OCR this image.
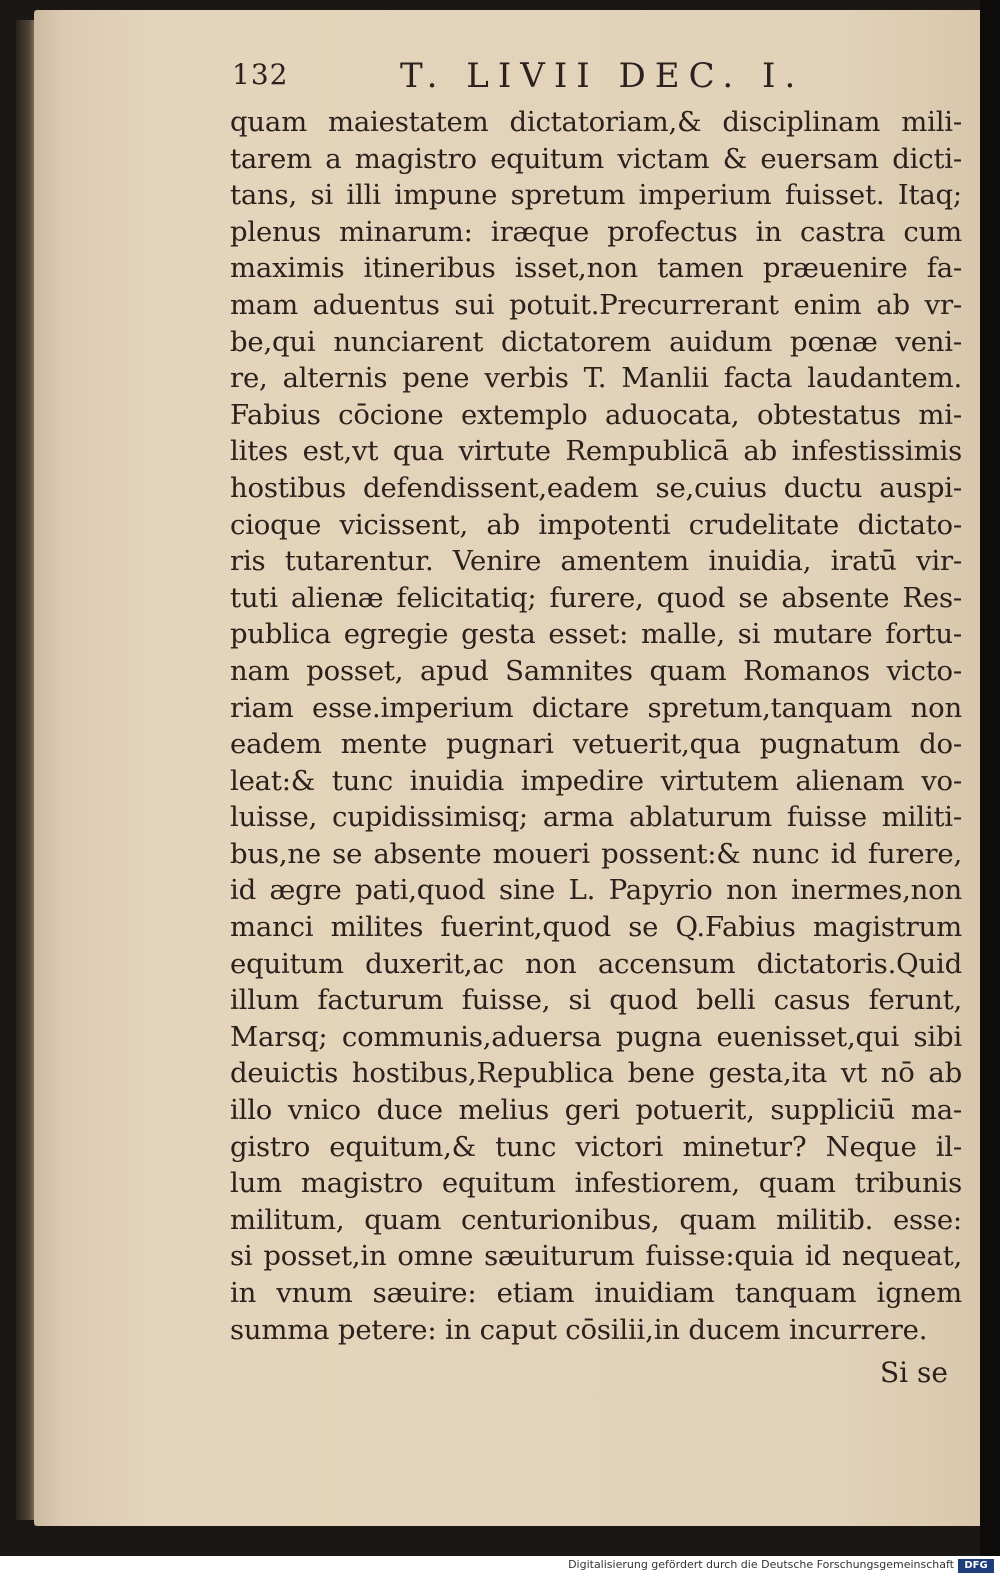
132	T. LIVII DEC. I.
quam maiestatem dictatoriam,& disciplinam mili-
tarem a magistro equitum victam & euersam dicti-
tans, si illi impune spretum imperium fuisset. Itaq;
plenus minarum: iræque profectus in castra cum
maximis itineribus isset,non tamen præuenire fa-
mam aduentus sui potuit.Precurrerant enim ab vr-
be,qui nunciarent dictatorem auidum pœnæ veni-
re, alternis pene verbis T. Manlii facta laudantem.
Fabius cōcione extemplo aduocata, obtestatus mi-
lites est,vt qua virtute Rempublicā ab infestissimis
hostibus defendissent,eadem se,cuius ductu auspi-
cioque vicissent, ab impotenti crudelitate dictato-
ris tutarentur. Venire amentem inuidia, iratū vir-
tuti alienæ felicitatiq; furere, quod se absente Res-
publica egregie gesta esset: malle, si mutare fortu-
nam posset, apud Samnites quam Romanos victo-
riam esse.imperium dictare spretum,tanquam non
eadem mente pugnari vetuerit,qua pugnatum do-
leat:& tunc inuidia impedire virtutem alienam vo-
luisse, cupidissimisq; arma ablaturum fuisse militi-
bus,ne se absente moueri possent:& nunc id furere,
id ægre pati,quod sine L. Papyrio non inermes,non
manci milites fuerint,quod se Q.Fabius magistrum
equitum duxerit,ac non accensum dictatoris.Quid
illum facturum fuisse, si quod belli casus ferunt,
Marsq; communis,aduersa pugna euenisset,qui sibi
deuictis hostibus,Republica bene gesta,ita vt nō ab
illo vnico duce melius geri potuerit, suppliciū ma-
gistro equitum,& tunc victori minetur? Neque il-
lum magistro equitum infestiorem, quam tribunis
militum, quam centurionibus, quam militib. esse:
si posset,in omne sæuiturum fuisse:quia id nequeat,
in vnum sæuire: etiam inuidiam tanquam ignem
summa petere: in caput cōsilii,in ducem incurrere.
Si se
Digitalisierung gefördert durch die Deutsche Forschungsgemeinschaft	DFG
